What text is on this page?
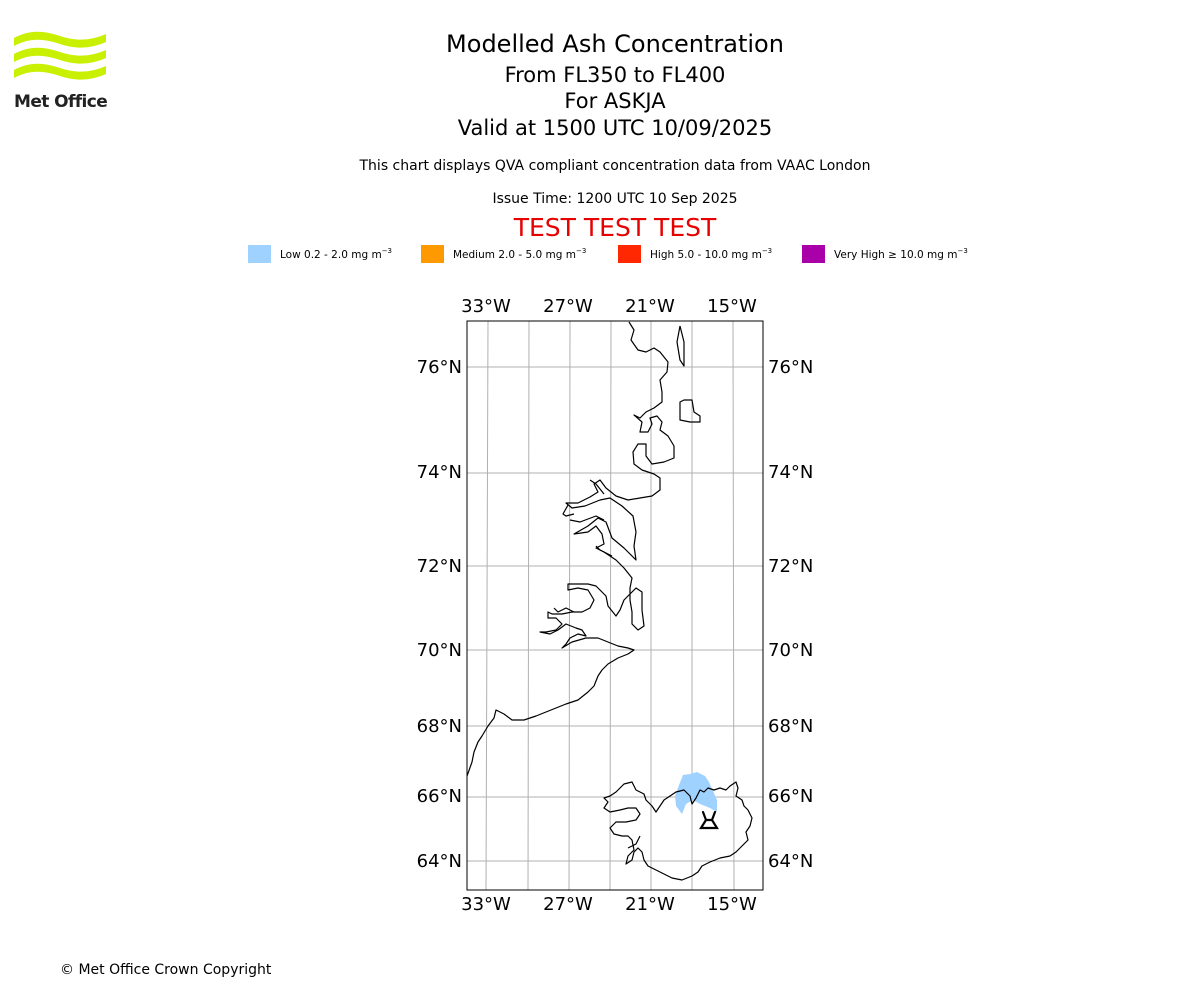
Met Office
Modelled Ash Concentration
From FL350 to FL400
For ASKJA
Valid at 1500 UTC 10/09/2025
This chart displays QVA compliant concentration data from VAAC London
Issue Time: 1200 UTC 10 Sep 2025
TEST TEST TEST
Low 0.2 - 2.0 mg $m^{-3}$	Medium 2.0 - 5.0 mg $m^{-3}$	High 5.0 - 10.0 mg $m^{-3}$	Very High ≥ 10.0 mg $m^{-3}$
33°W 27°W 21°W 15°W
33°W 27°W 21°W 15°W
76°N
74°N
72°N
70°N
68°N
66°N
64°N
76°N
74°N
72°N
70°N
68°N
66°N
64°N
© Met Office Crown Copyright
